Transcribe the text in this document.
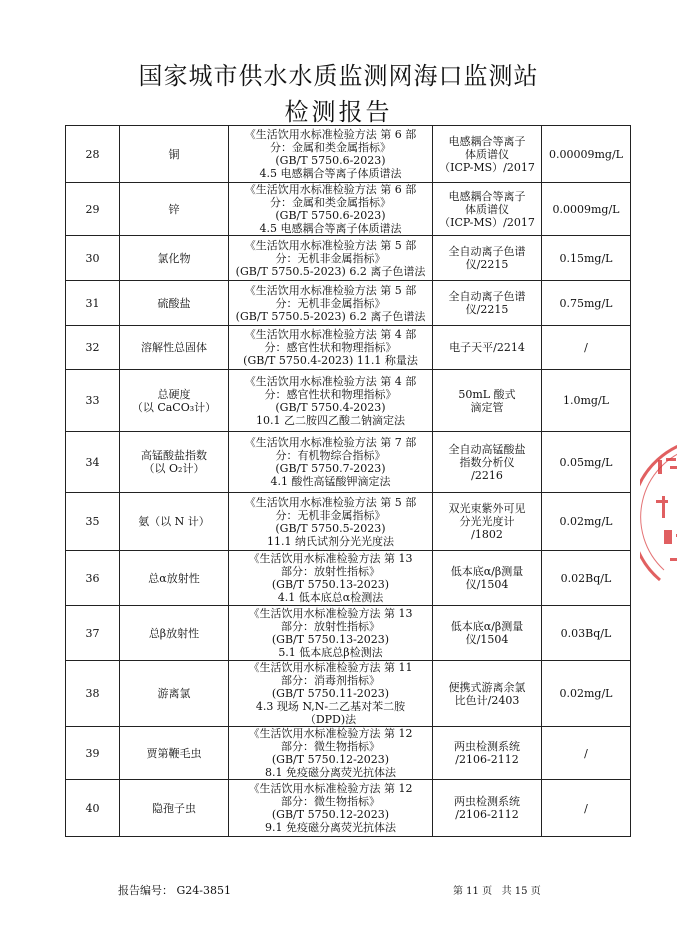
国家城市供水水质监测网海口监测站
检测报告
28	铜	《生活饮用水标准检验方法 第 6 部
分：金属和类金属指标》
(GB/T 5750.6-2023)
4.5 电感耦合等离子体质谱法	电感耦合等离子
体质谱仪
（ICP-MS）/2017	0.00009mg/L
29	锌	《生活饮用水标准检验方法 第 6 部
分：金属和类金属指标》
(GB/T 5750.6-2023)
4.5 电感耦合等离子体质谱法	电感耦合等离子
体质谱仪
（ICP-MS）/2017	0.0009mg/L
30	氯化物	《生活饮用水标准检验方法 第 5 部
分：无机非金属指标》
(GB/T 5750.5-2023) 6.2 离子色谱法	全自动离子色谱
仪/2215	0.15mg/L
31	硫酸盐	《生活饮用水标准检验方法 第 5 部
分：无机非金属指标》
(GB/T 5750.5-2023) 6.2 离子色谱法	全自动离子色谱
仪/2215	0.75mg/L
32	溶解性总固体	《生活饮用水标准检验方法 第 4 部
分：感官性状和物理指标》
(GB/T 5750.4-2023) 11.1 称量法	电子天平/2214	/
33	总硬度
（以 CaCO₃计）	《生活饮用水标准检验方法 第 4 部
分：感官性状和物理指标》
(GB/T 5750.4-2023)
10.1 乙二胺四乙酸二钠滴定法	50mL 酸式
滴定管	1.0mg/L
34	高锰酸盐指数
（以 O₂计）	《生活饮用水标准检验方法 第 7 部
分：有机物综合指标》
(GB/T 5750.7-2023)
4.1 酸性高锰酸钾滴定法	全自动高锰酸盐
指数分析仪
/2216	0.05mg/L
35	氨（以 N 计）	《生活饮用水标准检验方法 第 5 部
分：无机非金属指标》
(GB/T 5750.5-2023)
11.1 纳氏试剂分光光度法	双光束紫外可见
分光光度计
/1802	0.02mg/L
36	总α放射性	《生活饮用水标准检验方法 第 13
部分：放射性指标》
(GB/T 5750.13-2023)
4.1 低本底总α检测法	低本底α/β测量
仪/1504	0.02Bq/L
37	总β放射性	《生活饮用水标准检验方法 第 13
部分：放射性指标》
(GB/T 5750.13-2023)
5.1 低本底总β检测法	低本底α/β测量
仪/1504	0.03Bq/L
38	游离氯	《生活饮用水标准检验方法 第 11
部分：消毒剂指标》
(GB/T 5750.11-2023)
4.3 现场 N,N-二乙基对苯二胺
（DPD)法	便携式游离余氯
比色计/2403	0.02mg/L
39	贾第鞭毛虫	《生活饮用水标准检验方法 第 12
部分：微生物指标》
(GB/T 5750.12-2023)
8.1 免疫磁分离荧光抗体法	两虫检测系统
/2106-2112	/
40	隐孢子虫	《生活饮用水标准检验方法 第 12
部分：微生物指标》
(GB/T 5750.12-2023)
9.1 免疫磁分离荧光抗体法	两虫检测系统
/2106-2112	/
报告编号： G24-3851	第 11 页   共 15 页
